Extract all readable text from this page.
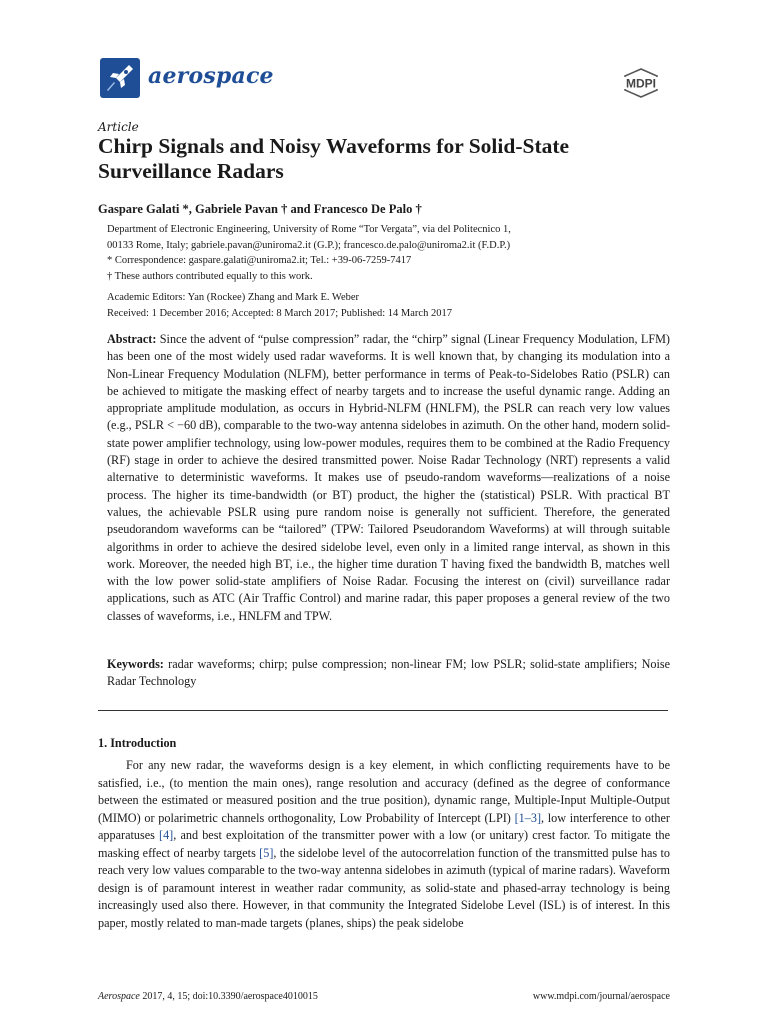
aerospace	MDPI
Article
Chirp Signals and Noisy Waveforms for Solid-State Surveillance Radars
Gaspare Galati *, Gabriele Pavan † and Francesco De Palo †
Department of Electronic Engineering, University of Rome “Tor Vergata”, via del Politecnico 1,
00133 Rome, Italy; gabriele.pavan@uniroma2.it (G.P.); francesco.de.palo@uniroma2.it (F.D.P.)
* Correspondence: gaspare.galati@uniroma2.it; Tel.: +39-06-7259-7417
† These authors contributed equally to this work.
Academic Editors: Yan (Rockee) Zhang and Mark E. Weber
Received: 1 December 2016; Accepted: 8 March 2017; Published: 14 March 2017

Abstract: Since the advent of “pulse compression” radar, the “chirp” signal (Linear Frequency Modulation, LFM) has been one of the most widely used radar waveforms. It is well known that, by changing its modulation into a Non-Linear Frequency Modulation (NLFM), better performance in terms of Peak-to-Sidelobes Ratio (PSLR) can be achieved to mitigate the masking effect of nearby targets and to increase the useful dynamic range. Adding an appropriate amplitude modulation, as occurs in Hybrid-NLFM (HNLFM), the PSLR can reach very low values (e.g., PSLR < −60 dB), comparable to the two-way antenna sidelobes in azimuth. On the other hand, modern solid-state power amplifier technology, using low-power modules, requires them to be combined at the Radio Frequency (RF) stage in order to achieve the desired transmitted power. Noise Radar Technology (NRT) represents a valid alternative to deterministic waveforms. It makes use of pseudo-random waveforms—realizations of a noise process. The higher its time-bandwidth (or BT) product, the higher the (statistical) PSLR. With practical BT values, the achievable PSLR using pure random noise is generally not sufficient. Therefore, the generated pseudorandom waveforms can be “tailored” (TPW: Tailored Pseudorandom Waveforms) at will through suitable algorithms in order to achieve the desired sidelobe level, even only in a limited range interval, as shown in this work. Moreover, the needed high BT, i.e., the higher time duration T having fixed the bandwidth B, matches well with the low power solid-state amplifiers of Noise Radar. Focusing the interest on (civil) surveillance radar applications, such as ATC (Air Traffic Control) and marine radar, this paper proposes a general review of the two classes of waveforms, i.e., HNLFM and TPW.

Keywords: radar waveforms; chirp; pulse compression; non-linear FM; low PSLR; solid-state amplifiers; Noise Radar Technology

1. Introduction

For any new radar, the waveforms design is a key element, in which conflicting requirements have to be satisfied, i.e., (to mention the main ones), range resolution and accuracy (defined as the degree of conformance between the estimated or measured position and the true position), dynamic range, Multiple-Input Multiple-Output (MIMO) or polarimetric channels orthogonality, Low Probability of Intercept (LPI) [1–3], low interference to other apparatuses [4], and best exploitation of the transmitter power with a low (or unitary) crest factor. To mitigate the masking effect of nearby targets [5], the sidelobe level of the autocorrelation function of the transmitted pulse has to reach very low values comparable to the two-way antenna sidelobes in azimuth (typical of marine radars). Waveform design is of paramount interest in weather radar community, as solid-state and phased-array technology is being increasingly used also there. However, in that community the Integrated Sidelobe Level (ISL) is of interest. In this paper, mostly related to man-made targets (planes, ships) the peak sidelobe

Aerospace 2017, 4, 15; doi:10.3390/aerospace4010015	www.mdpi.com/journal/aerospace
